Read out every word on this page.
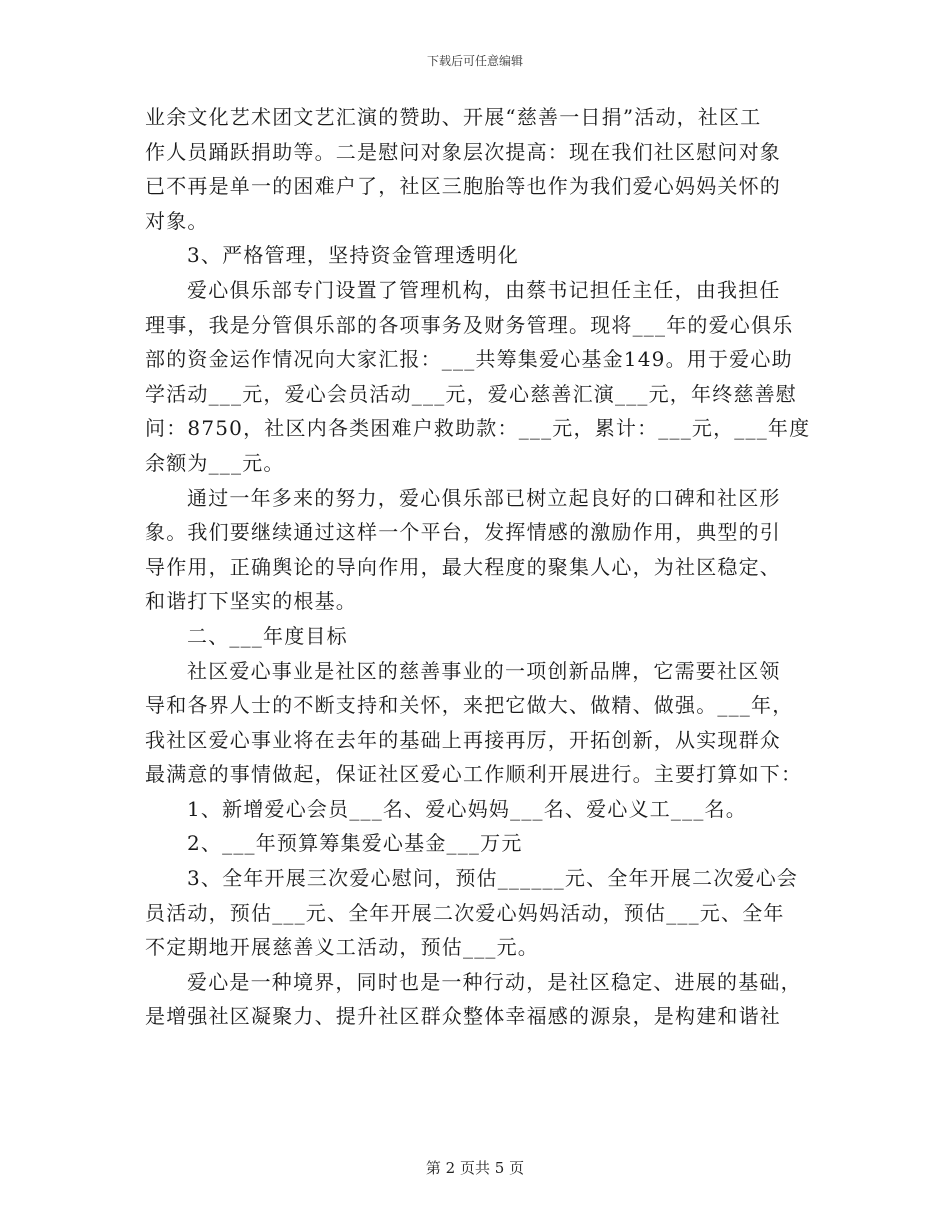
下载后可任意编辑
业余文化艺术团文艺汇演的赞助、开展“慈善一日捐”活动，社区工
作人员踊跃捐助等。二是慰问对象层次提高：现在我们社区慰问对象
已不再是单一的困难户了，社区三胞胎等也作为我们爱心妈妈关怀的
对象。
3、严格管理，坚持资金管理透明化
爱心俱乐部专门设置了管理机构，由蔡书记担任主任，由我担任
理事，我是分管俱乐部的各项事务及财务管理。现将___年的爱心俱乐
部的资金运作情况向大家汇报：___共筹集爱心基金149。用于爱心助
学活动___元，爱心会员活动___元，爱心慈善汇演___元，年终慈善慰
问：8750，社区内各类困难户救助款：___元，累计：___元，___年度
余额为___元。
通过一年多来的努力，爱心俱乐部已树立起良好的口碑和社区形
象。我们要继续通过这样一个平台，发挥情感的激励作用，典型的引
导作用，正确舆论的导向作用，最大程度的聚集人心，为社区稳定、
和谐打下坚实的根基。
二、___年度目标
社区爱心事业是社区的慈善事业的一项创新品牌，它需要社区领
导和各界人士的不断支持和关怀，来把它做大、做精、做强。___年，
我社区爱心事业将在去年的基础上再接再厉，开拓创新，从实现群众
最满意的事情做起，保证社区爱心工作顺利开展进行。主要打算如下：
1、新增爱心会员___名、爱心妈妈___名、爱心义工___名。
2、___年预算筹集爱心基金___万元
3、全年开展三次爱心慰问，预估______元、全年开展二次爱心会
员活动，预估___元、全年开展二次爱心妈妈活动，预估___元、全年
不定期地开展慈善义工活动，预估___元。
爱心是一种境界，同时也是一种行动，是社区稳定、进展的基础，
是增强社区凝聚力、提升社区群众整体幸福感的源泉，是构建和谐社
第 2 页共 5 页
